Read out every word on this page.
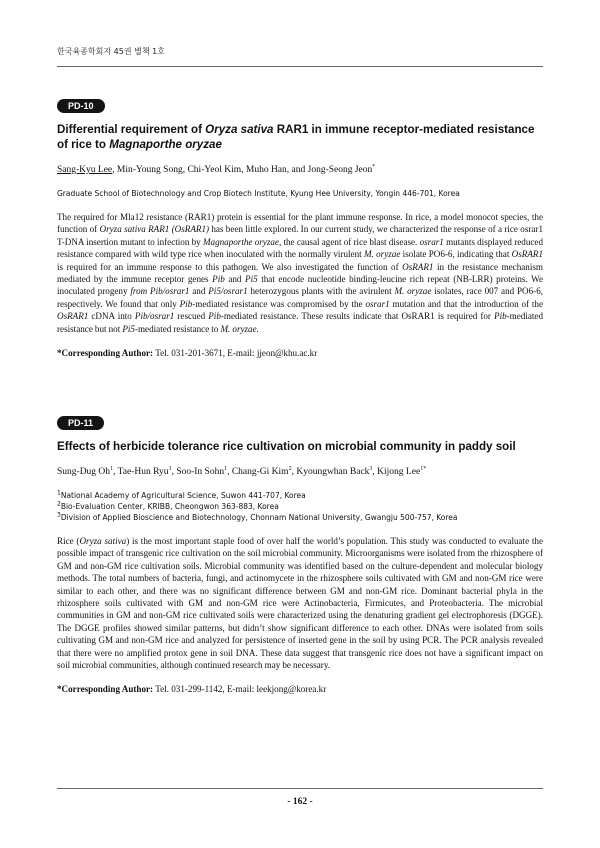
한국육종학회지 45권 별책 1호
PD-10
Differential requirement of Oryza sativa RAR1 in immune receptor-mediated resistance of rice to Magnaporthe oryzae
Sang-Kyu Lee, Min-Young Song, Chi-Yeol Kim, Muho Han, and Jong-Seong Jeon*
Graduate School of Biotechnology and Crop Biotech Institute, Kyung Hee University, Yongin 446-701, Korea

The required for Mla12 resistance (RAR1) protein is essential for the plant immune response. In rice, a model monocot species, the function of Oryza sativa RAR1 (OsRAR1) has been little explored. In our current study, we characterized the response of a rice osrar1 T-DNA insertion mutant to infection by Magnaporthe oryzae, the causal agent of rice blast disease. osrar1 mutants displayed reduced resistance compared with wild type rice when inoculated with the normally virulent M. oryzae isolate PO6-6, indicating that OsRAR1 is required for an immune response to this pathogen. We also investigated the function of OsRAR1 in the resistance mechanism mediated by the immune receptor genes Pib and Pi5 that encode nucleotide binding-leucine rich repeat (NB-LRR) proteins. We inoculated progeny from Pib/osrar1 and Pi5/osrar1 heterozygous plants with the avirulent M. oryzae isolates, race 007 and PO6-6, respectively. We found that only Pib-mediated resistance was compromised by the osrar1 mutation and that the introduction of the OsRAR1 cDNA into Pib/osrar1 rescued Pib-mediated resistance. These results indicate that OsRAR1 is required for Pib-mediated resistance but not Pi5-mediated resistance to M. oryzae.

*Corresponding Author: Tel. 031-201-3671, E-mail: jjeon@khu.ac.kr
PD-11
Effects of herbicide tolerance rice cultivation on microbial community in paddy soil
Sung-Dug Oh$^1$, Tae-Hun Ryu$^1$, Soo-In Sohn$^1$, Chang-Gi Kim$^2$, Kyoungwhan Back$^3$, Kijong Lee$^{1*}$
$^1$National Academy of Agricultural Science, Suwon 441-707, Korea
$^2$Bio-Evaluation Center, KRIBB, Cheongwon 363-883, Korea
$^3$Division of Applied Bioscience and Biotechnology, Chonnam National University, Gwangju 500-757, Korea

Rice (Oryza sativa) is the most important staple food of over half the world’s population. This study was conducted to evaluate the possible impact of transgenic rice cultivation on the soil microbial community. Microorganisms were isolated from the rhizosphere of GM and non-GM rice cultivation soils. Microbial community was identified based on the culture-dependent and molecular biology methods. The total numbers of bacteria, fungi, and actinomycete in the rhizosphere soils cultivated with GM and non-GM rice were similar to each other, and there was no significant difference between GM and non-GM rice. Dominant bacterial phyla in the rhizosphere soils cultivated with GM and non-GM rice were Actinobacteria, Firmicutes, and Proteobacteria. The microbial communities in GM and non-GM rice cultivated soils were characterized using the denaturing gradient gel electrophoresis (DGGE). The DGGE profiles showed similar patterns, but didn’t show significant difference to each other. DNAs were isolated from soils cultivating GM and non-GM rice and analyzed for persistence of inserted gene in the soil by using PCR. The PCR analysis revealed that there were no amplified protox gene in soil DNA. These data suggest that transgenic rice does not have a significant impact on soil microbial communities, although continued research may be necessary.

*Corresponding Author: Tel. 031-299-1142, E-mail: leekjong@korea.kr
- 162 -
